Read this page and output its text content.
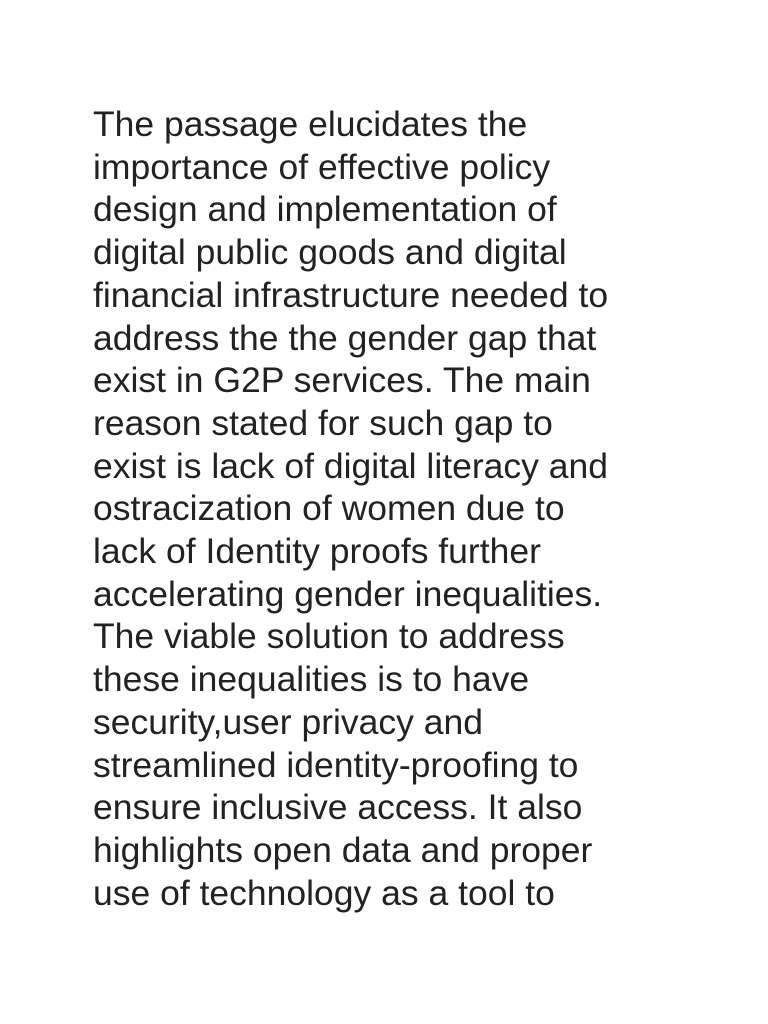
The passage elucidates the
importance of effective policy
design and implementation of
digital public goods and digital
financial infrastructure needed to
address the the gender gap that
exist in G2P services. The main
reason stated for such gap to
exist is lack of digital literacy and
ostracization of women due to
lack of Identity proofs further
accelerating gender inequalities.
The viable solution to address
these inequalities is to have
security,user privacy and
streamlined identity-proofing to
ensure inclusive access. It also
highlights open data and proper
use of technology as a tool to
